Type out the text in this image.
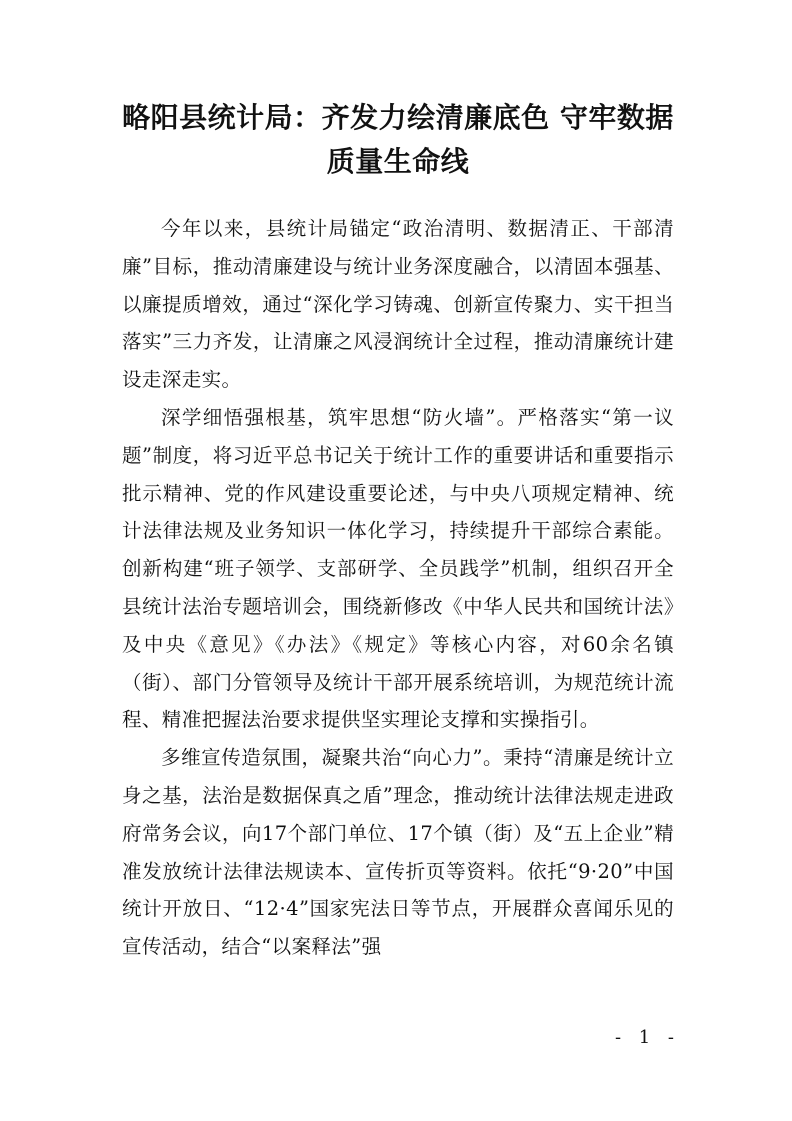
略阳县统计局：齐发力绘清廉底色 守牢数据质量生命线

今年以来，县统计局锚定“政治清明、数据清正、干部清廉”目标，推动清廉建设与统计业务深度融合，以清固本强基、以廉提质增效，通过“深化学习铸魂、创新宣传聚力、实干担当落实”三力齐发，让清廉之风浸润统计全过程，推动清廉统计建设走深走实。

深学细悟强根基，筑牢思想“防火墙”。严格落实“第一议题”制度，将习近平总书记关于统计工作的重要讲话和重要指示批示精神、党的作风建设重要论述，与中央八项规定精神、统计法律法规及业务知识一体化学习，持续提升干部综合素能。创新构建“班子领学、支部研学、全员践学”机制，组织召开全县统计法治专题培训会，围绕新修改《中华人民共和国统计法》及中央《意见》《办法》《规定》等核心内容，对60余名镇（街）、部门分管领导及统计干部开展系统培训，为规范统计流程、精准把握法治要求提供坚实理论支撑和实操指引。

多维宣传造氛围，凝聚共治“向心力”。秉持“清廉是统计立身之基，法治是数据保真之盾”理念，推动统计法律法规走进政府常务会议，向17个部门单位、17个镇（街）及“五上企业”精准发放统计法律法规读本、宣传折页等资料。依托“9·20”中国统计开放日、“12·4”国家宪法日等节点，开展群众喜闻乐见的宣传活动，结合“以案释法”强

- 1 -
